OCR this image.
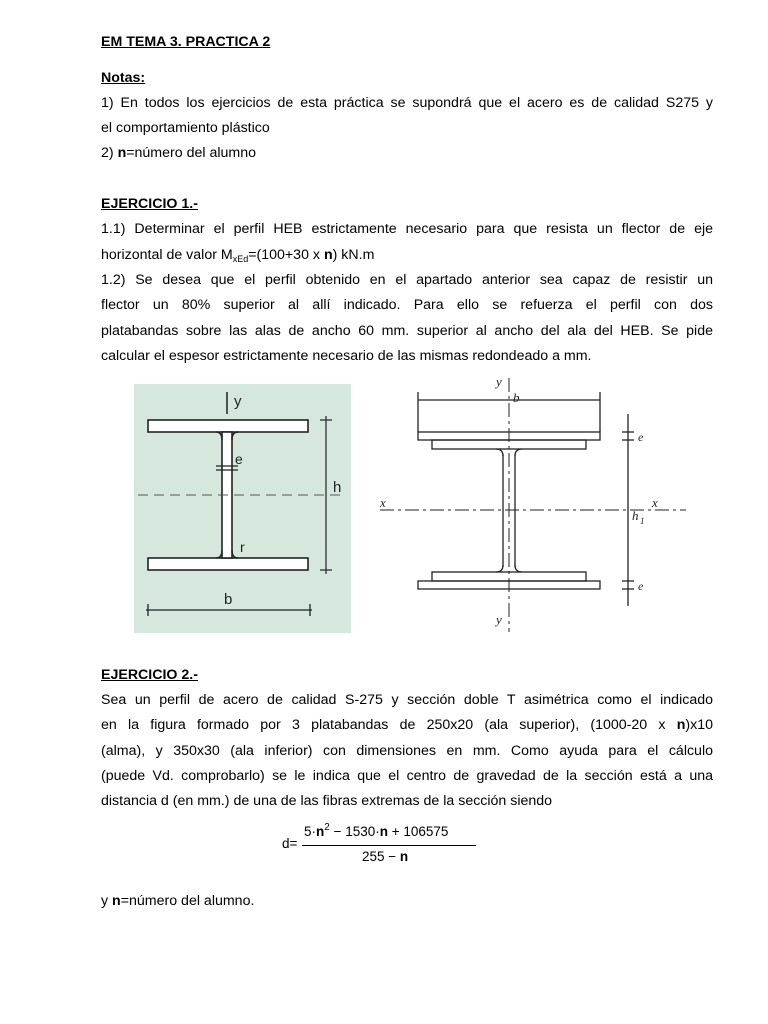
EM TEMA 3. PRACTICA 2
Notas:
1) En todos los ejercicios de esta práctica se supondrá que el acero es de calidad S275 y
el comportamiento plástico
2) n=número del alumno
EJERCICIO 1.-
1.1) Determinar el perfil HEB estrictamente necesario para que resista un flector de eje
horizontal de valor $M_{xEd}=(100+30$ x n) kN.m
1.2) Se desea que el perfil obtenido en el apartado anterior sea capaz de resistir un
flector un 80% superior al allí indicado. Para ello se refuerza el perfil con dos
platabandas sobre las alas de ancho 60 mm. superior al ancho del ala del HEB. Se pide
calcular el espesor estrictamente necesario de las mismas redondeado a mm.
EJERCICIO 2.-
Sea un perfil de acero de calidad S-275 y sección doble T asimétrica como el indicado
en la figura formado por 3 platabandas de 250x20 (ala superior), (1000-20 x n)x10
(alma), y 350x30 (ala inferior) con dimensiones en mm. Como ayuda para el cálculo
(puede Vd. comprobarlo) se le indica que el centro de gravedad de la sección está a una
distancia d (en mm.) de una de las fibras extremas de la sección siendo
y n=número del alumno.
y
e
h
r
b
y
b
e
x	x
h 1
e
y
d=
$5\cdot n^2 - 1530\cdot n + 106575$
255 − n
